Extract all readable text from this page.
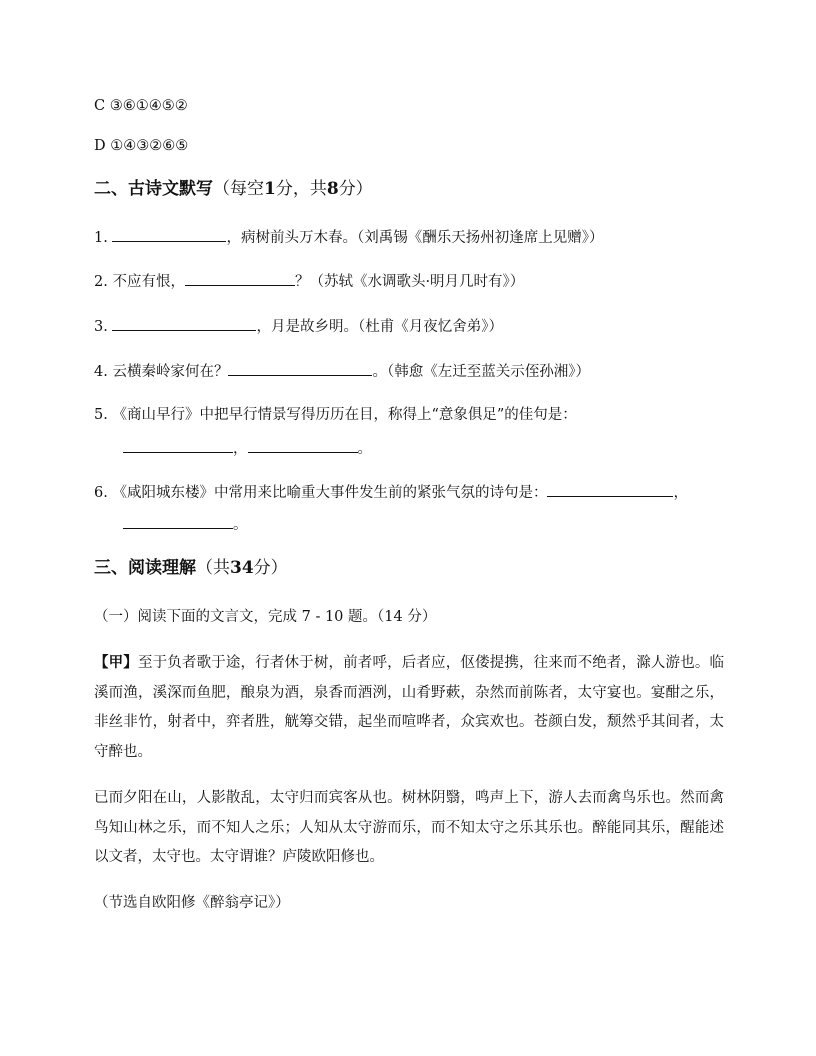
C ③⑥①④⑤②
D ①④③②⑥⑤
二、古诗文默写（每空1分，共8分）
1.	，病树前头万木春。（刘禹锡《酬乐天扬州初逢席上见赠》）
2. 不应有恨，	？（苏轼《水调歌头·明月几时有》）
3.	，月是故乡明。（杜甫《月夜忆舍弟》）
4. 云横秦岭家何在？	。（韩愈《左迁至蓝关示侄孙湘》）
5. 《商山早行》中把早行情景写得历历在目，称得上“意象俱足”的佳句是：
，	。
6. 《咸阳城东楼》中常用来比喻重大事件发生前的紧张气氛的诗句是：	，
。
三、阅读理解（共34分）
（一）阅读下面的文言文，完成 7 - 10 题。（14 分）
【甲】至于负者歌于途，行者休于树，前者呼，后者应，伛偻提携，往来而不绝者，滁人游也。临溪而渔，溪深而鱼肥，酿泉为酒，泉香而酒洌，山肴野蔌，杂然而前陈者，太守宴也。宴酣之乐，非丝非竹，射者中，弈者胜，觥筹交错，起坐而喧哗者，众宾欢也。苍颜白发，颓然乎其间者，太守醉也。
已而夕阳在山，人影散乱，太守归而宾客从也。树林阴翳，鸣声上下，游人去而禽鸟乐也。然而禽鸟知山林之乐，而不知人之乐；人知从太守游而乐，而不知太守之乐其乐也。醉能同其乐，醒能述以文者，太守也。太守谓谁？庐陵欧阳修也。
（节选自欧阳修《醉翁亭记》）
